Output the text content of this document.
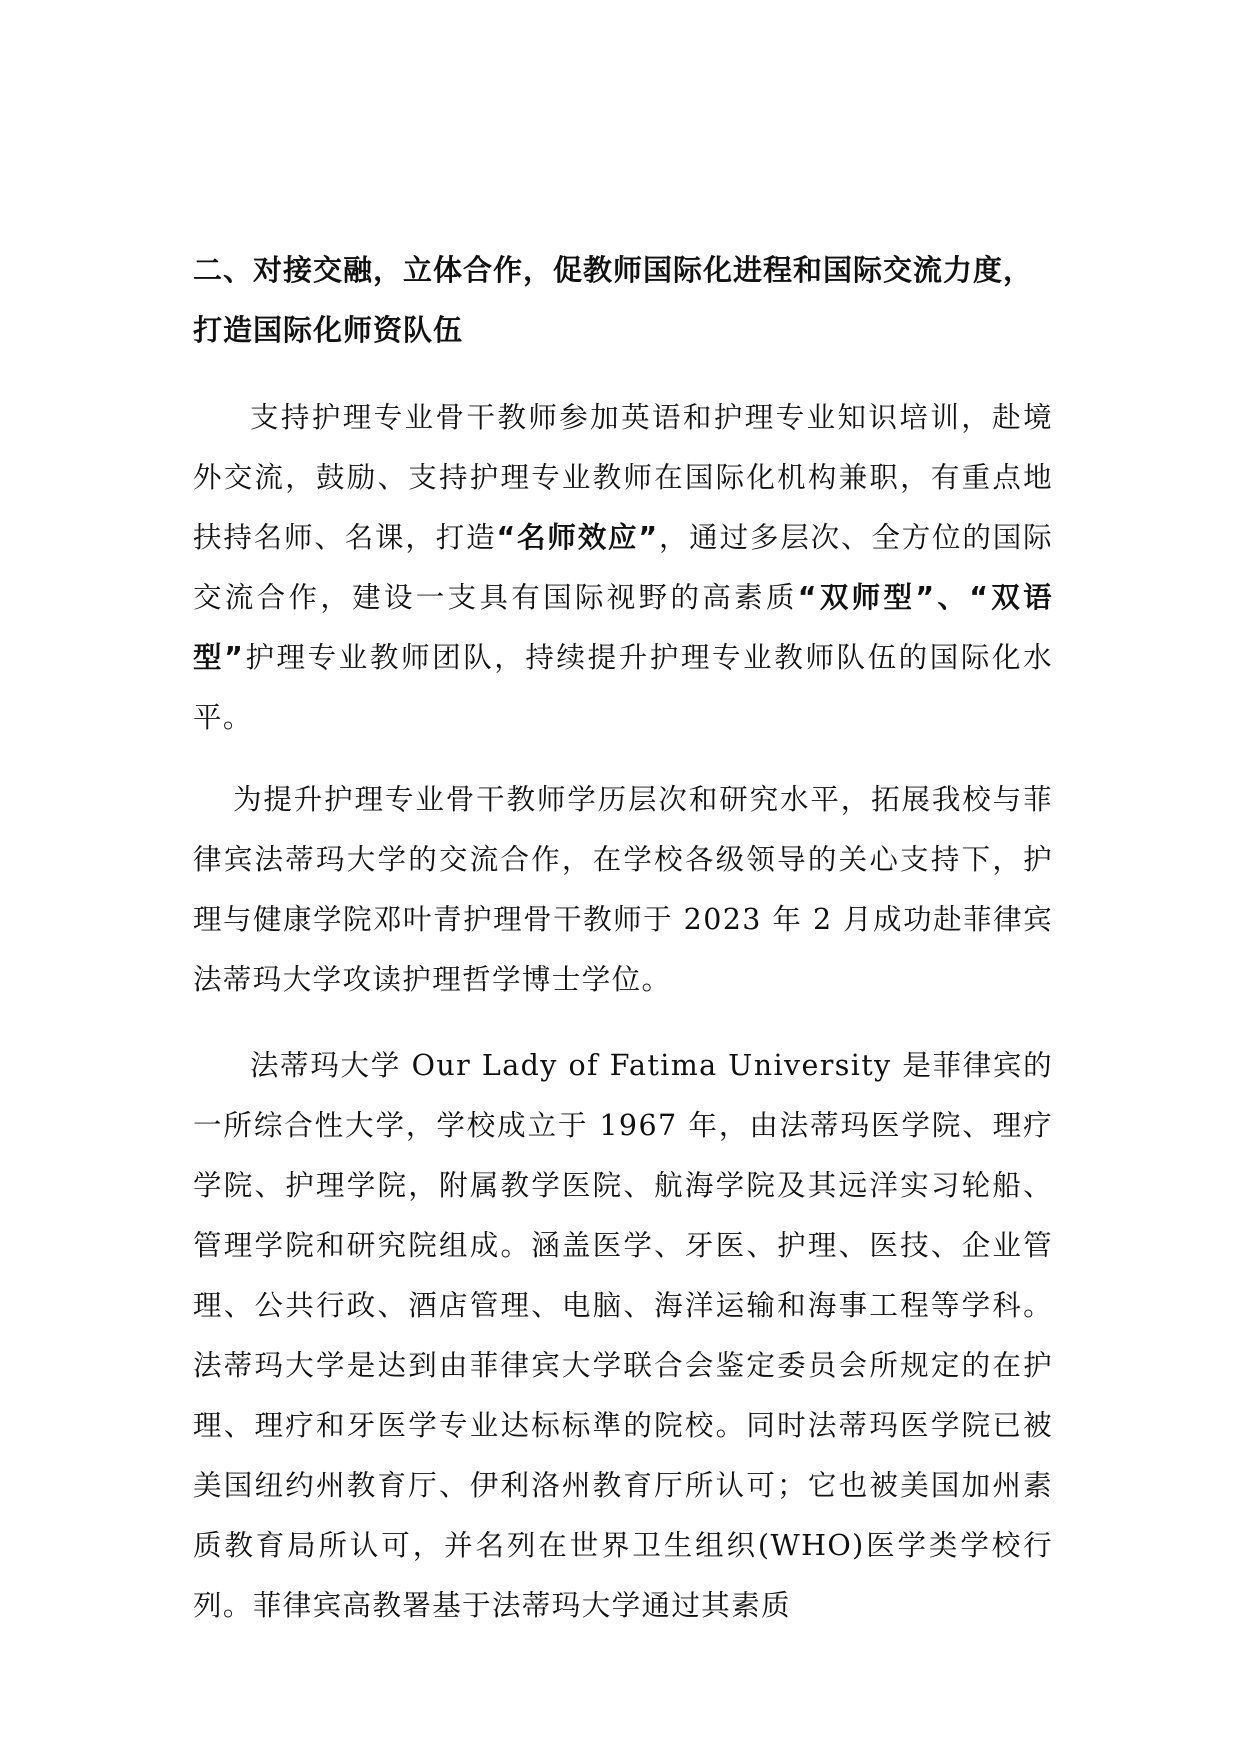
二、对接交融，立体合作，促教师国际化进程和国际交流力度，打造国际化师资队伍

支持护理专业骨干教师参加英语和护理专业知识培训，赴境外交流，鼓励、支持护理专业教师在国际化机构兼职，有重点地扶持名师、名课，打造“名师效应”，通过多层次、全方位的国际交流合作，建设一支具有国际视野的高素质“双师型”、“双语型”护理专业教师团队，持续提升护理专业教师队伍的国际化水平。

为提升护理专业骨干教师学历层次和研究水平，拓展我校与菲律宾法蒂玛大学的交流合作，在学校各级领导的关心支持下，护理与健康学院邓叶青护理骨干教师于 2023 年 2 月成功赴菲律宾法蒂玛大学攻读护理哲学博士学位。

法蒂玛大学 Our Lady of Fatima University 是菲律宾的一所综合性大学，学校成立于 1967 年，由法蒂玛医学院、理疗学院、护理学院，附属教学医院、航海学院及其远洋实习轮船、管理学院和研究院组成。涵盖医学、牙医、护理、医技、企业管理、公共行政、酒店管理、电脑、海洋运输和海事工程等学科。法蒂玛大学是达到由菲律宾大学联合会鉴定委员会所规定的在护理、理疗和牙医学专业达标标準的院校。同时法蒂玛医学院已被美国纽约州教育厅、伊利洛州教育厅所认可；它也被美国加州素质教育局所认可，并名列在世界卫生组织(WHO)医学类学校行列。菲律宾高教署基于法蒂玛大学通过其素质
